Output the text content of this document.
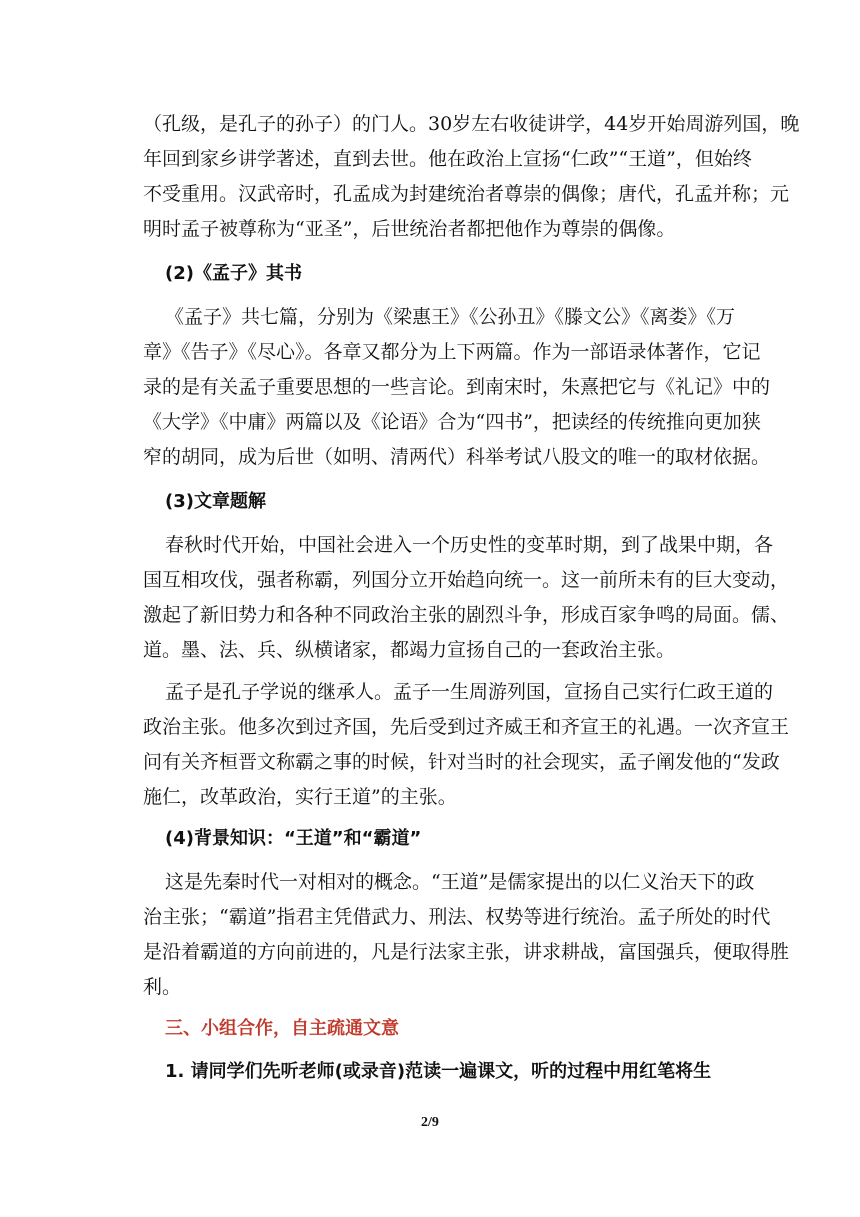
（孔级，是孔子的孙子）的门人。30岁左右收徒讲学，44岁开始周游列国，晚
年回到家乡讲学著述，直到去世。他在政治上宣扬“仁政”“王道”，但始终
不受重用。汉武帝时，孔孟成为封建统治者尊崇的偶像；唐代，孔孟并称；元
明时孟子被尊称为“亚圣”，后世统治者都把他作为尊崇的偶像。
(2)《孟子》其书
《孟子》共七篇，分别为《梁惠王》《公孙丑》《滕文公》《离娄》《万
章》《告子》《尽心》。各章又都分为上下两篇。作为一部语录体著作，它记
录的是有关孟子重要思想的一些言论。到南宋时，朱熹把它与《礼记》中的
《大学》《中庸》两篇以及《论语》合为“四书”，把读经的传统推向更加狭
窄的胡同，成为后世（如明、清两代）科举考试八股文的唯一的取材依据。
(3)文章题解
春秋时代开始，中国社会进入一个历史性的变革时期，到了战果中期，各
国互相攻伐，强者称霸，列国分立开始趋向统一。这一前所未有的巨大变动，
激起了新旧势力和各种不同政治主张的剧烈斗争，形成百家争鸣的局面。儒、
道。墨、法、兵、纵横诸家，都竭力宣扬自己的一套政治主张。
孟子是孔子学说的继承人。孟子一生周游列国，宣扬自己实行仁政王道的
政治主张。他多次到过齐国，先后受到过齐威王和齐宣王的礼遇。一次齐宣王
问有关齐桓晋文称霸之事的时候，针对当时的社会现实，孟子阐发他的“发政
施仁，改革政治，实行王道”的主张。
(4)背景知识：“王道”和“霸道”
这是先秦时代一对相对的概念。“王道”是儒家提出的以仁义治天下的政
治主张；“霸道”指君主凭借武力、刑法、权势等进行统治。孟子所处的时代
是沿着霸道的方向前进的，凡是行法家主张，讲求耕战，富国强兵，便取得胜
利。
三、小组合作，自主疏通文意
1. 请同学们先听老师(或录音)范读一遍课文，听的过程中用红笔将生
2/9
